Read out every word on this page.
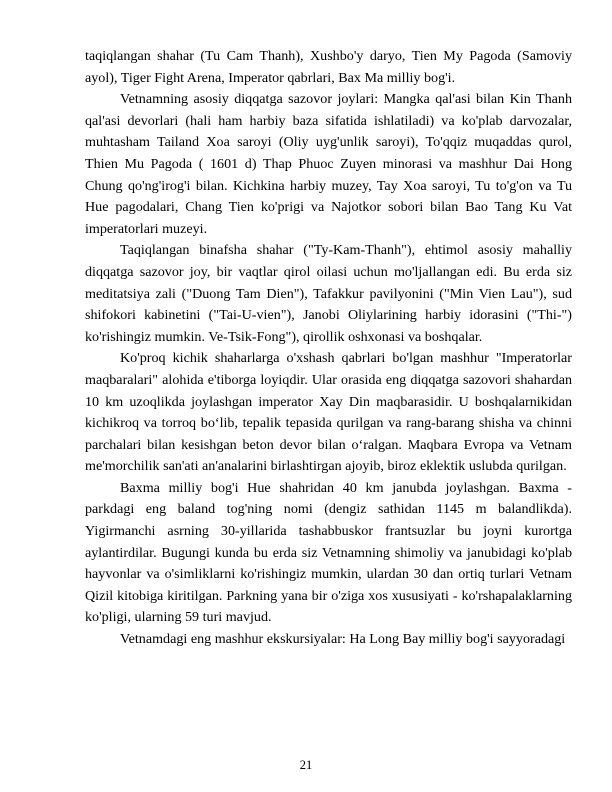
taqiqlangan shahar (Tu Cam Thanh), Xushbo'y daryo, Tien My Pagoda (Samoviy ayol), Tiger Fight Arena, Imperator qabrlari, Bax Ma milliy bog'i.

Vetnamning asosiy diqqatga sazovor joylari: Mangka qal'asi bilan Kin Thanh qal'asi devorlari (hali ham harbiy baza sifatida ishlatiladi) va ko'plab darvozalar, muhtasham Tailand Xoa saroyi (Oliy uyg'unlik saroyi), To'qqiz muqaddas qurol, Thien Mu Pagoda ( 1601 d) Thap Phuoc Zuyen minorasi va mashhur Dai Hong Chung qo'ng'irog'i bilan. Kichkina harbiy muzey, Tay Xoa saroyi, Tu to'g'on va Tu Hue pagodalari, Chang Tien ko'prigi va Najotkor sobori bilan Bao Tang Ku Vat imperatorlari muzeyi.

Taqiqlangan binafsha shahar ("Ty-Kam-Thanh"), ehtimol asosiy mahalliy diqqatga sazovor joy, bir vaqtlar qirol oilasi uchun mo'ljallangan edi. Bu erda siz meditatsiya zali ("Duong Tam Dien"), Tafakkur pavilyonini ("Min Vien Lau"), sud shifokori kabinetini ("Tai-U-vien"), Janobi Oliylarining harbiy idorasini ("Thi-") ko'rishingiz mumkin. Ve-Tsik-Fong"), qirollik oshxonasi va boshqalar.

Ko'proq kichik shaharlarga o'xshash qabrlari bo'lgan mashhur "Imperatorlar maqbaralari" alohida e'tiborga loyiqdir. Ular orasida eng diqqatga sazovori shahardan 10 km uzoqlikda joylashgan imperator Xay Din maqbarasidir. U boshqalarnikidan kichikroq va torroq bo‘lib, tepalik tepasida qurilgan va rang-barang shisha va chinni parchalari bilan kesishgan beton devor bilan o‘ralgan. Maqbara Evropa va Vetnam me'morchilik san'ati an'analarini birlashtirgan ajoyib, biroz eklektik uslubda qurilgan.

Baxma milliy bog'i Hue shahridan 40 km janubda joylashgan. Baxma - parkdagi eng baland tog'ning nomi (dengiz sathidan 1145 m balandlikda). Yigirmanchi asrning 30-yillarida tashabbuskor frantsuzlar bu joyni kurortga aylantirdilar. Bugungi kunda bu erda siz Vetnamning shimoliy va janubidagi ko'plab hayvonlar va o'simliklarni ko'rishingiz mumkin, ulardan 30 dan ortiq turlari Vetnam Qizil kitobiga kiritilgan. Parkning yana bir o'ziga xos xususiyati - ko'rshapalaklarning ko'pligi, ularning 59 turi mavjud.

Vetnamdagi eng mashhur ekskursiyalar: Ha Long Bay milliy bog'i sayyoradagi

21
